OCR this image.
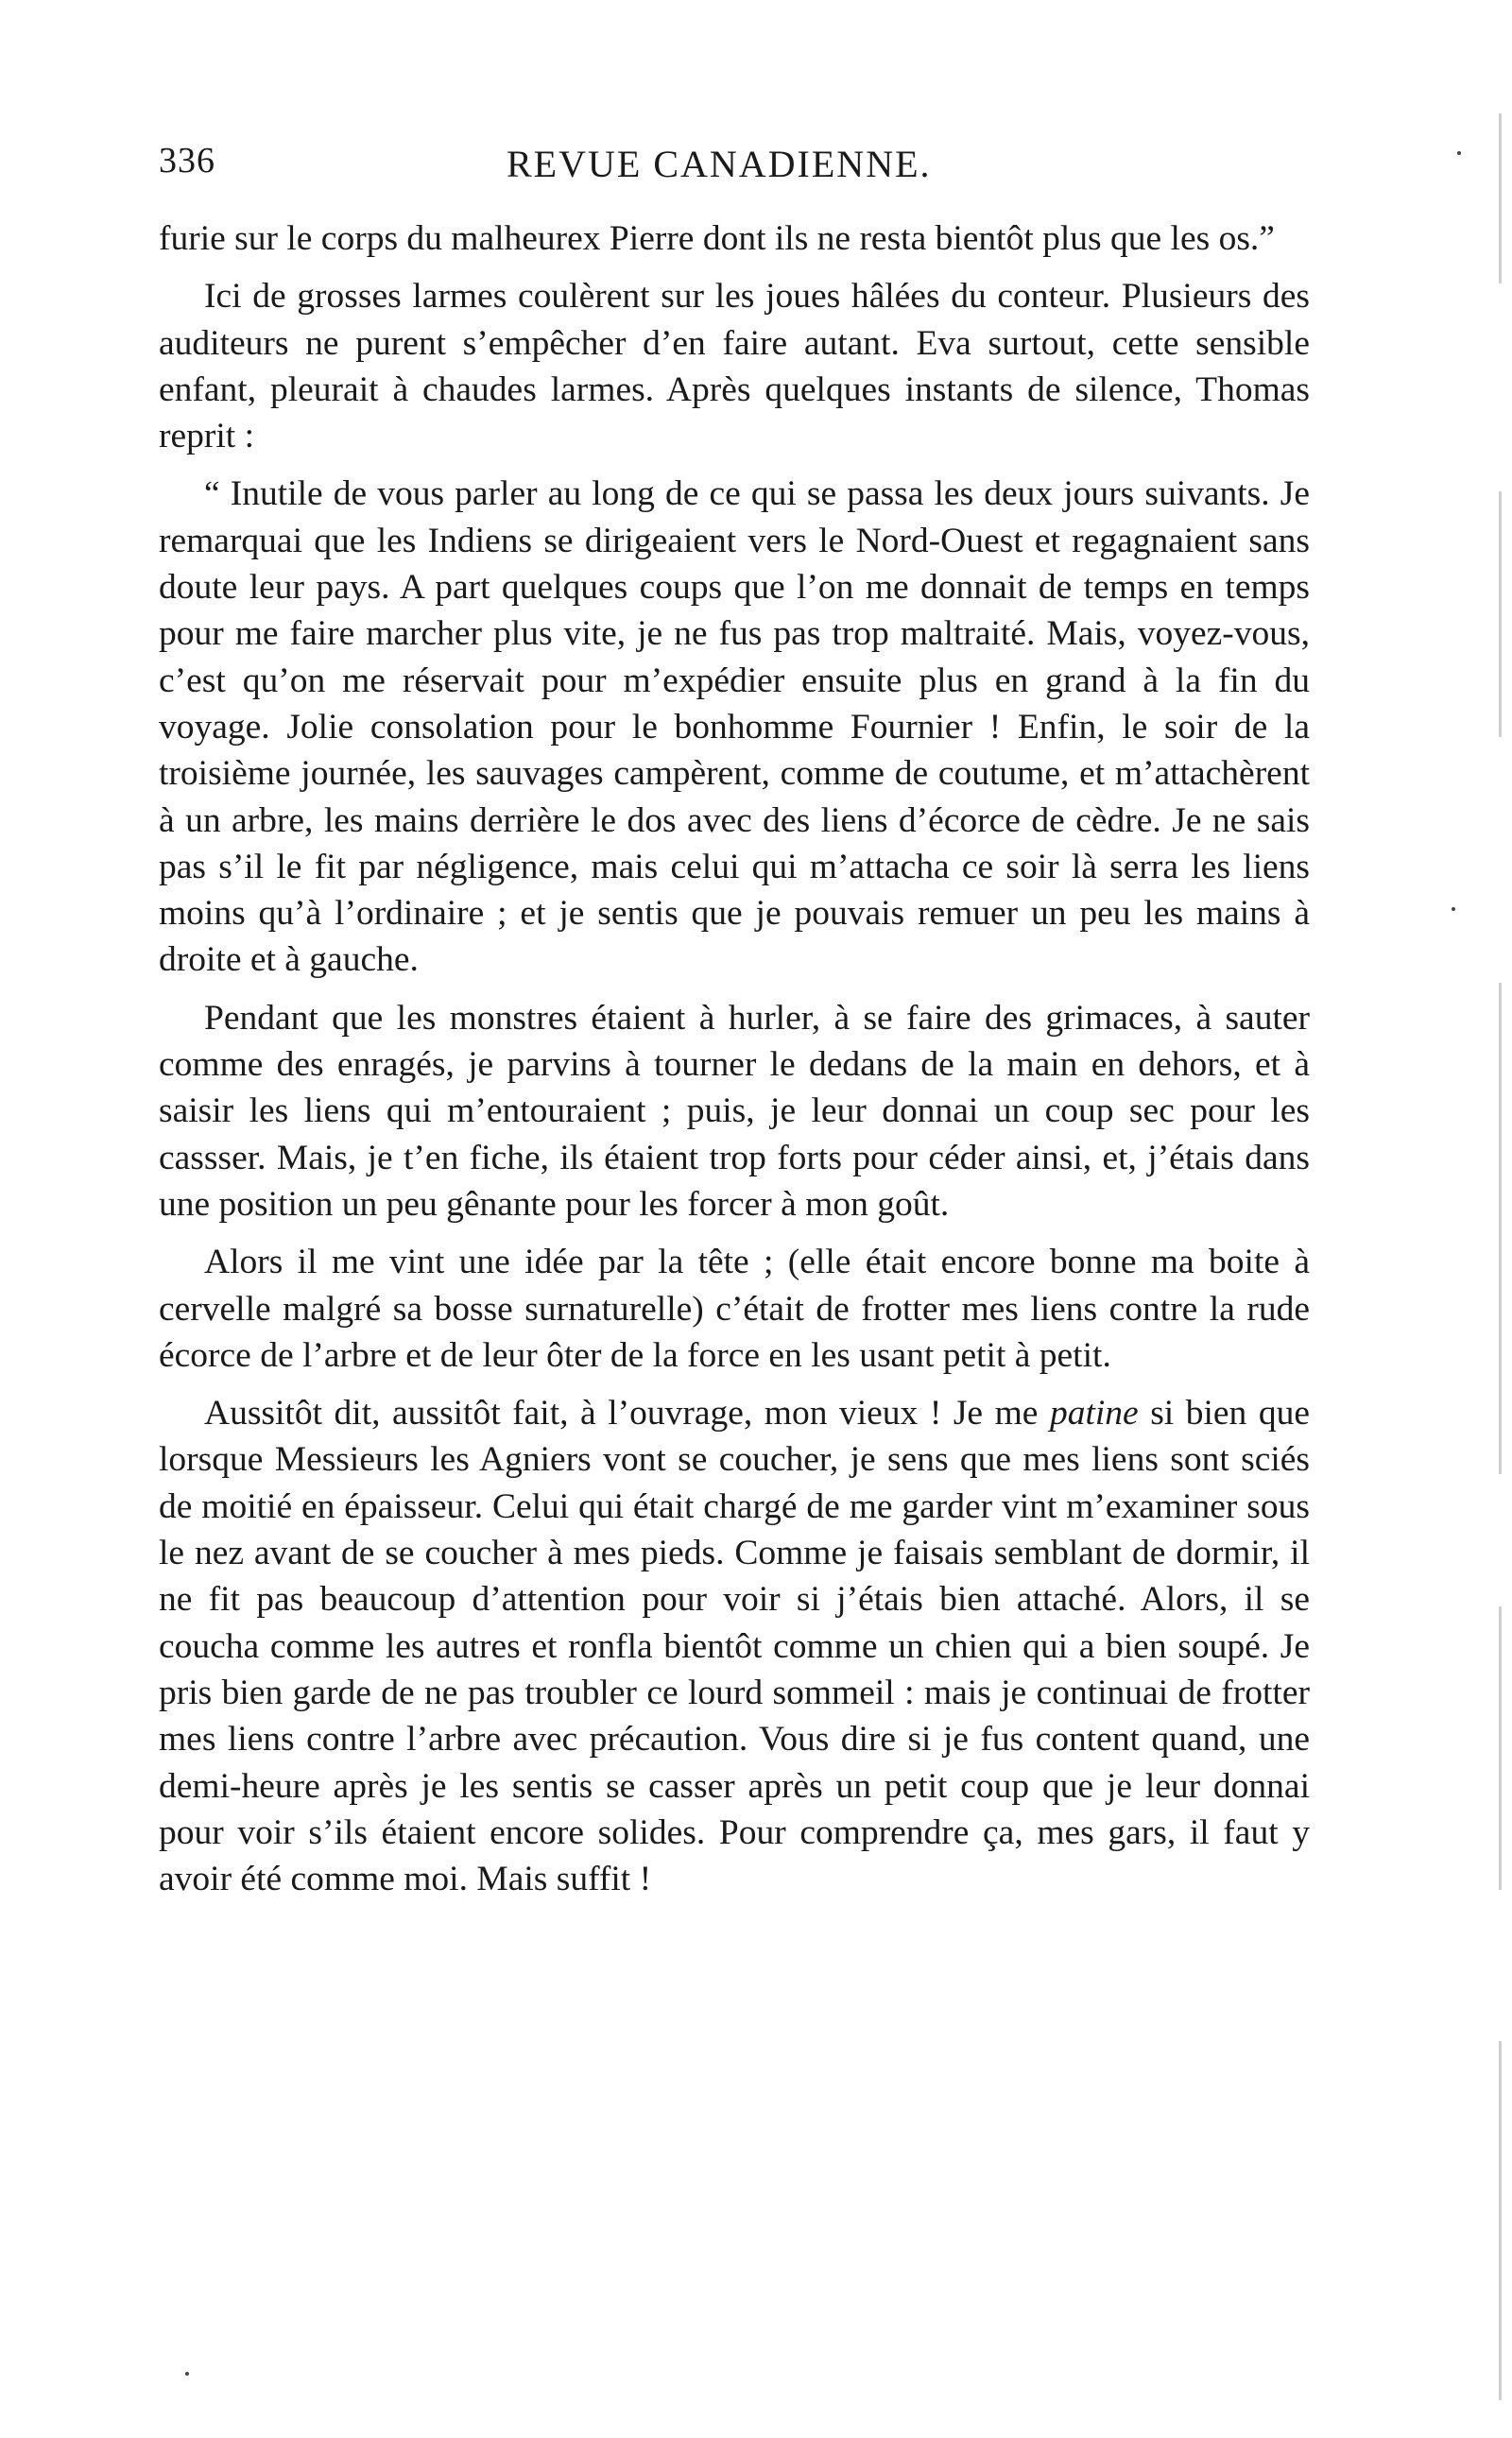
336	REVUE CANADIENNE.

furie sur le corps du malheurex Pierre dont ils ne resta bientôt plus que les os.”

Ici de grosses larmes coulèrent sur les joues hâlées du conteur. Plusieurs des auditeurs ne purent s’empêcher d’en faire autant. Eva surtout, cette sensible enfant, pleurait à chaudes larmes. Après quelques instants de silence, Thomas reprit :

“ Inutile de vous parler au long de ce qui se passa les deux jours suivants. Je remarquai que les Indiens se dirigeaient vers le Nord-Ouest et regagnaient sans doute leur pays. A part quelques coups que l’on me donnait de temps en temps pour me faire marcher plus vite, je ne fus pas trop maltraité. Mais, voyez-vous, c’est qu’on me réservait pour m’expédier ensuite plus en grand à la fin du voyage. Jolie consolation pour le bonhomme Fournier ! Enfin, le soir de la troisième journée, les sauvages campèrent, comme de coutume, et m’attachèrent à un arbre, les mains derrière le dos avec des liens d’écorce de cèdre. Je ne sais pas s’il le fit par négligence, mais celui qui m’attacha ce soir là serra les liens moins qu’à l’ordinaire ; et je sentis que je pouvais remuer un peu les mains à droite et à gauche.

Pendant que les monstres étaient à hurler, à se faire des grimaces, à sauter comme des enragés, je parvins à tourner le dedans de la main en dehors, et à saisir les liens qui m’entouraient ; puis, je leur donnai un coup sec pour les cassser. Mais, je t’en fiche, ils étaient trop forts pour céder ainsi, et, j’étais dans une position un peu gênante pour les forcer à mon goût.

Alors il me vint une idée par la tête ; (elle était encore bonne ma boite à cervelle malgré sa bosse surnaturelle) c’était de frotter mes liens contre la rude écorce de l’arbre et de leur ôter de la force en les usant petit à petit.

Aussitôt dit, aussitôt fait, à l’ouvrage, mon vieux ! Je me patine si bien que lorsque Messieurs les Agniers vont se coucher, je sens que mes liens sont sciés de moitié en épaisseur. Celui qui était chargé de me garder vint m’examiner sous le nez avant de se coucher à mes pieds. Comme je faisais semblant de dormir, il ne fit pas beaucoup d’attention pour voir si j’étais bien attaché. Alors, il se coucha comme les autres et ronfla bientôt comme un chien qui a bien soupé. Je pris bien garde de ne pas troubler ce lourd sommeil : mais je continuai de frotter mes liens contre l’arbre avec précaution. Vous dire si je fus content quand, une demi-heure après je les sentis se casser après un petit coup que je leur donnai pour voir s’ils étaient encore solides. Pour comprendre ça, mes gars, il faut y avoir été comme moi. Mais suffit !
